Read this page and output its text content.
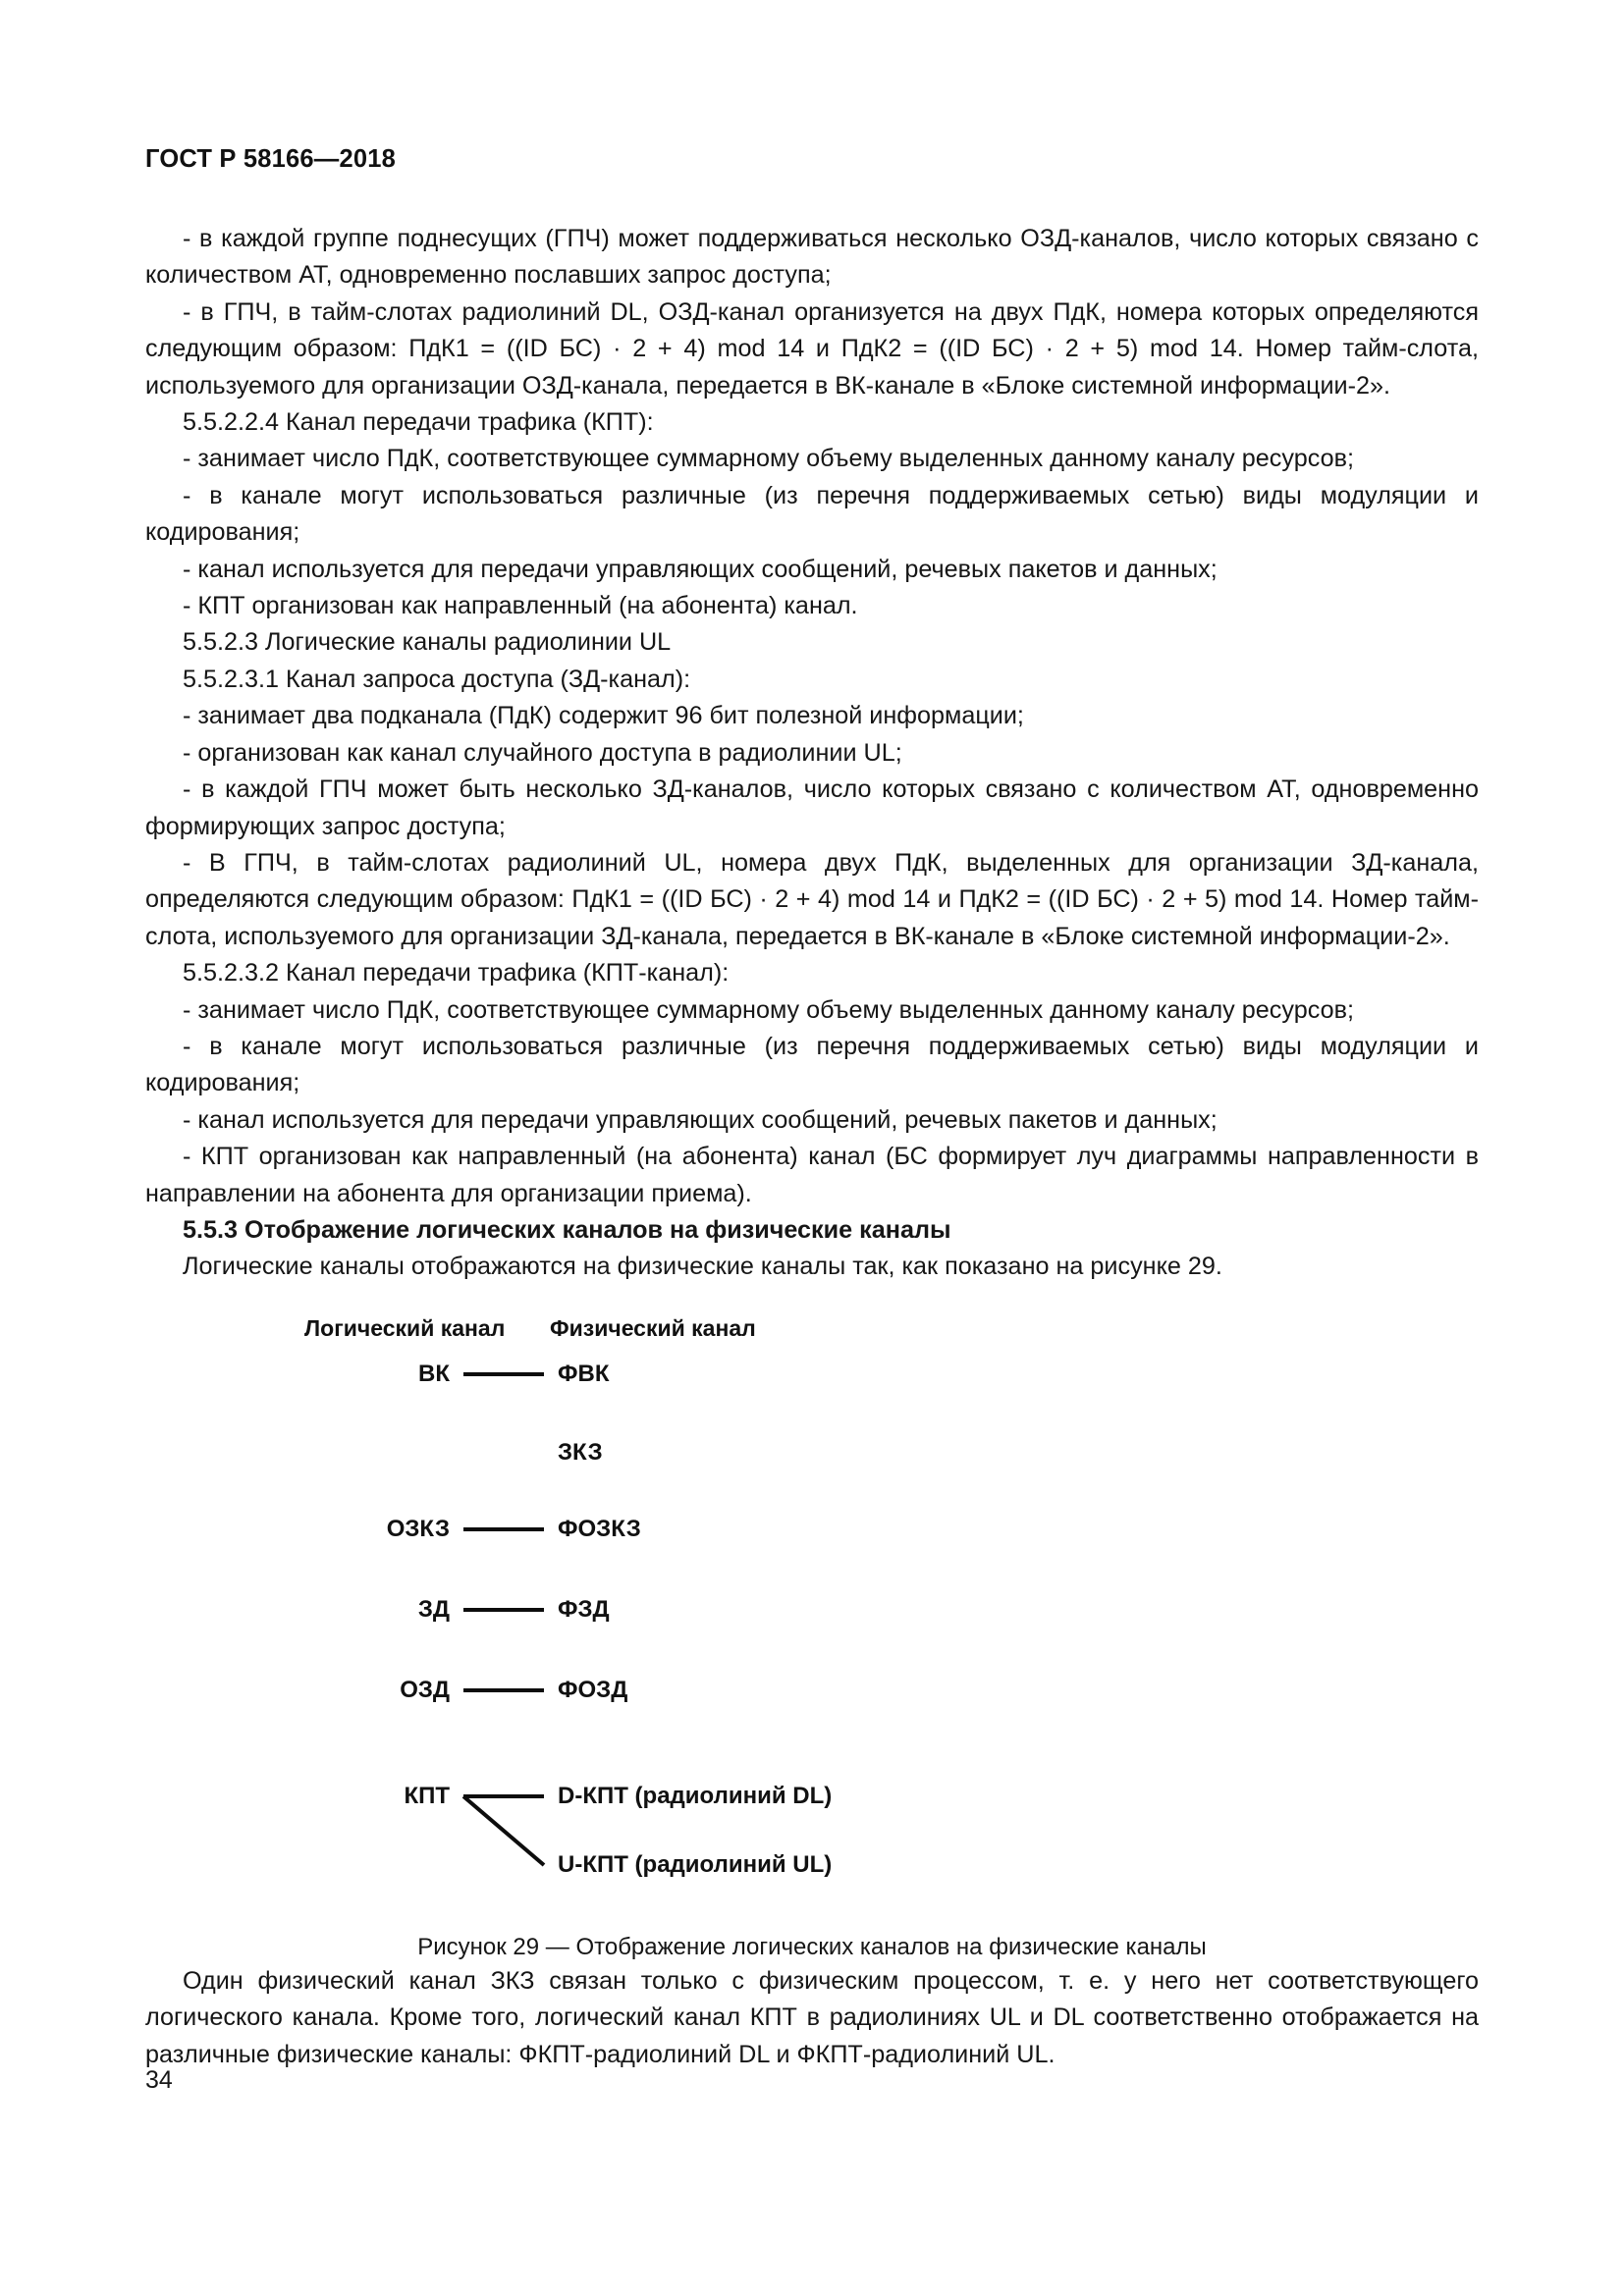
ГОСТ Р 58166—2018

- в каждой группе поднесущих (ГПЧ) может поддерживаться несколько ОЗД-каналов, число которых связано с количеством АТ, одновременно пославших запрос доступа;

- в ГПЧ, в тайм-слотах радиолиний DL, ОЗД-канал организуется на двух ПдК, номера которых определяются следующим образом: ПдК1 = ((ID БС) · 2 + 4) mod 14 и ПдК2 = ((ID БС) · 2 + 5) mod 14. Номер тайм-слота, используемого для организации ОЗД-канала, передается в ВК-канале в «Блоке системной информации-2».

5.5.2.2.4 Канал передачи трафика (КПТ):

- занимает число ПдК, соответствующее суммарному объему выделенных данному каналу ресурсов;

- в канале могут использоваться различные (из перечня поддерживаемых сетью) виды модуляции и кодирования;

- канал используется для передачи управляющих сообщений, речевых пакетов и данных;

- КПТ организован как направленный (на абонента) канал.

5.5.2.3 Логические каналы радиолинии UL

5.5.2.3.1 Канал запроса доступа (ЗД-канал):

- занимает два подканала (ПдК) содержит 96 бит полезной информации;

- организован как канал случайного доступа в радиолинии UL;

- в каждой ГПЧ может быть несколько ЗД-каналов, число которых связано с количеством АТ, одновременно формирующих запрос доступа;

- В ГПЧ, в тайм-слотах радиолиний UL, номера двух ПдК, выделенных для организации ЗД-канала, определяются следующим образом: ПдК1 = ((ID БС) · 2 + 4) mod 14 и ПдК2 = ((ID БС) · 2 + 5) mod 14. Номер тайм-слота, используемого для организации ЗД-канала, передается в ВК-канале в «Блоке системной информации-2».

5.5.2.3.2 Канал передачи трафика (КПТ-канал):

- занимает число ПдК, соответствующее суммарному объему выделенных данному каналу ресурсов;

- в канале могут использоваться различные (из перечня поддерживаемых сетью) виды модуляции и кодирования;

- канал используется для передачи управляющих сообщений, речевых пакетов и данных;

- КПТ организован как направленный (на абонента) канал (БС формирует луч диаграммы направленности в направлении на абонента для организации приема).

5.5.3 Отображение логических каналов на физические каналы

Логические каналы отображаются на физические каналы так, как показано на рисунке 29.

ВК
ОЗКЗ
ЗД
ОЗД
КПТ
ФВК
ЗКЗ
ФОЗКЗ
ФЗД
ФОЗД
D-КПТ (радиолиний DL)
U-КПТ (радиолиний UL)
Логический канал Физический канал
Рисунок 29 — Отображение логических каналов на физические каналы

Один физический канал ЗКЗ связан только с физическим процессом, т. е. у него нет соответствующего логического канала. Кроме того, логический канал КПТ в радиолиниях UL и DL соответственно отображается на различные физические каналы: ФКПТ-радиолиний DL и ФКПТ-радиолиний UL.

34
